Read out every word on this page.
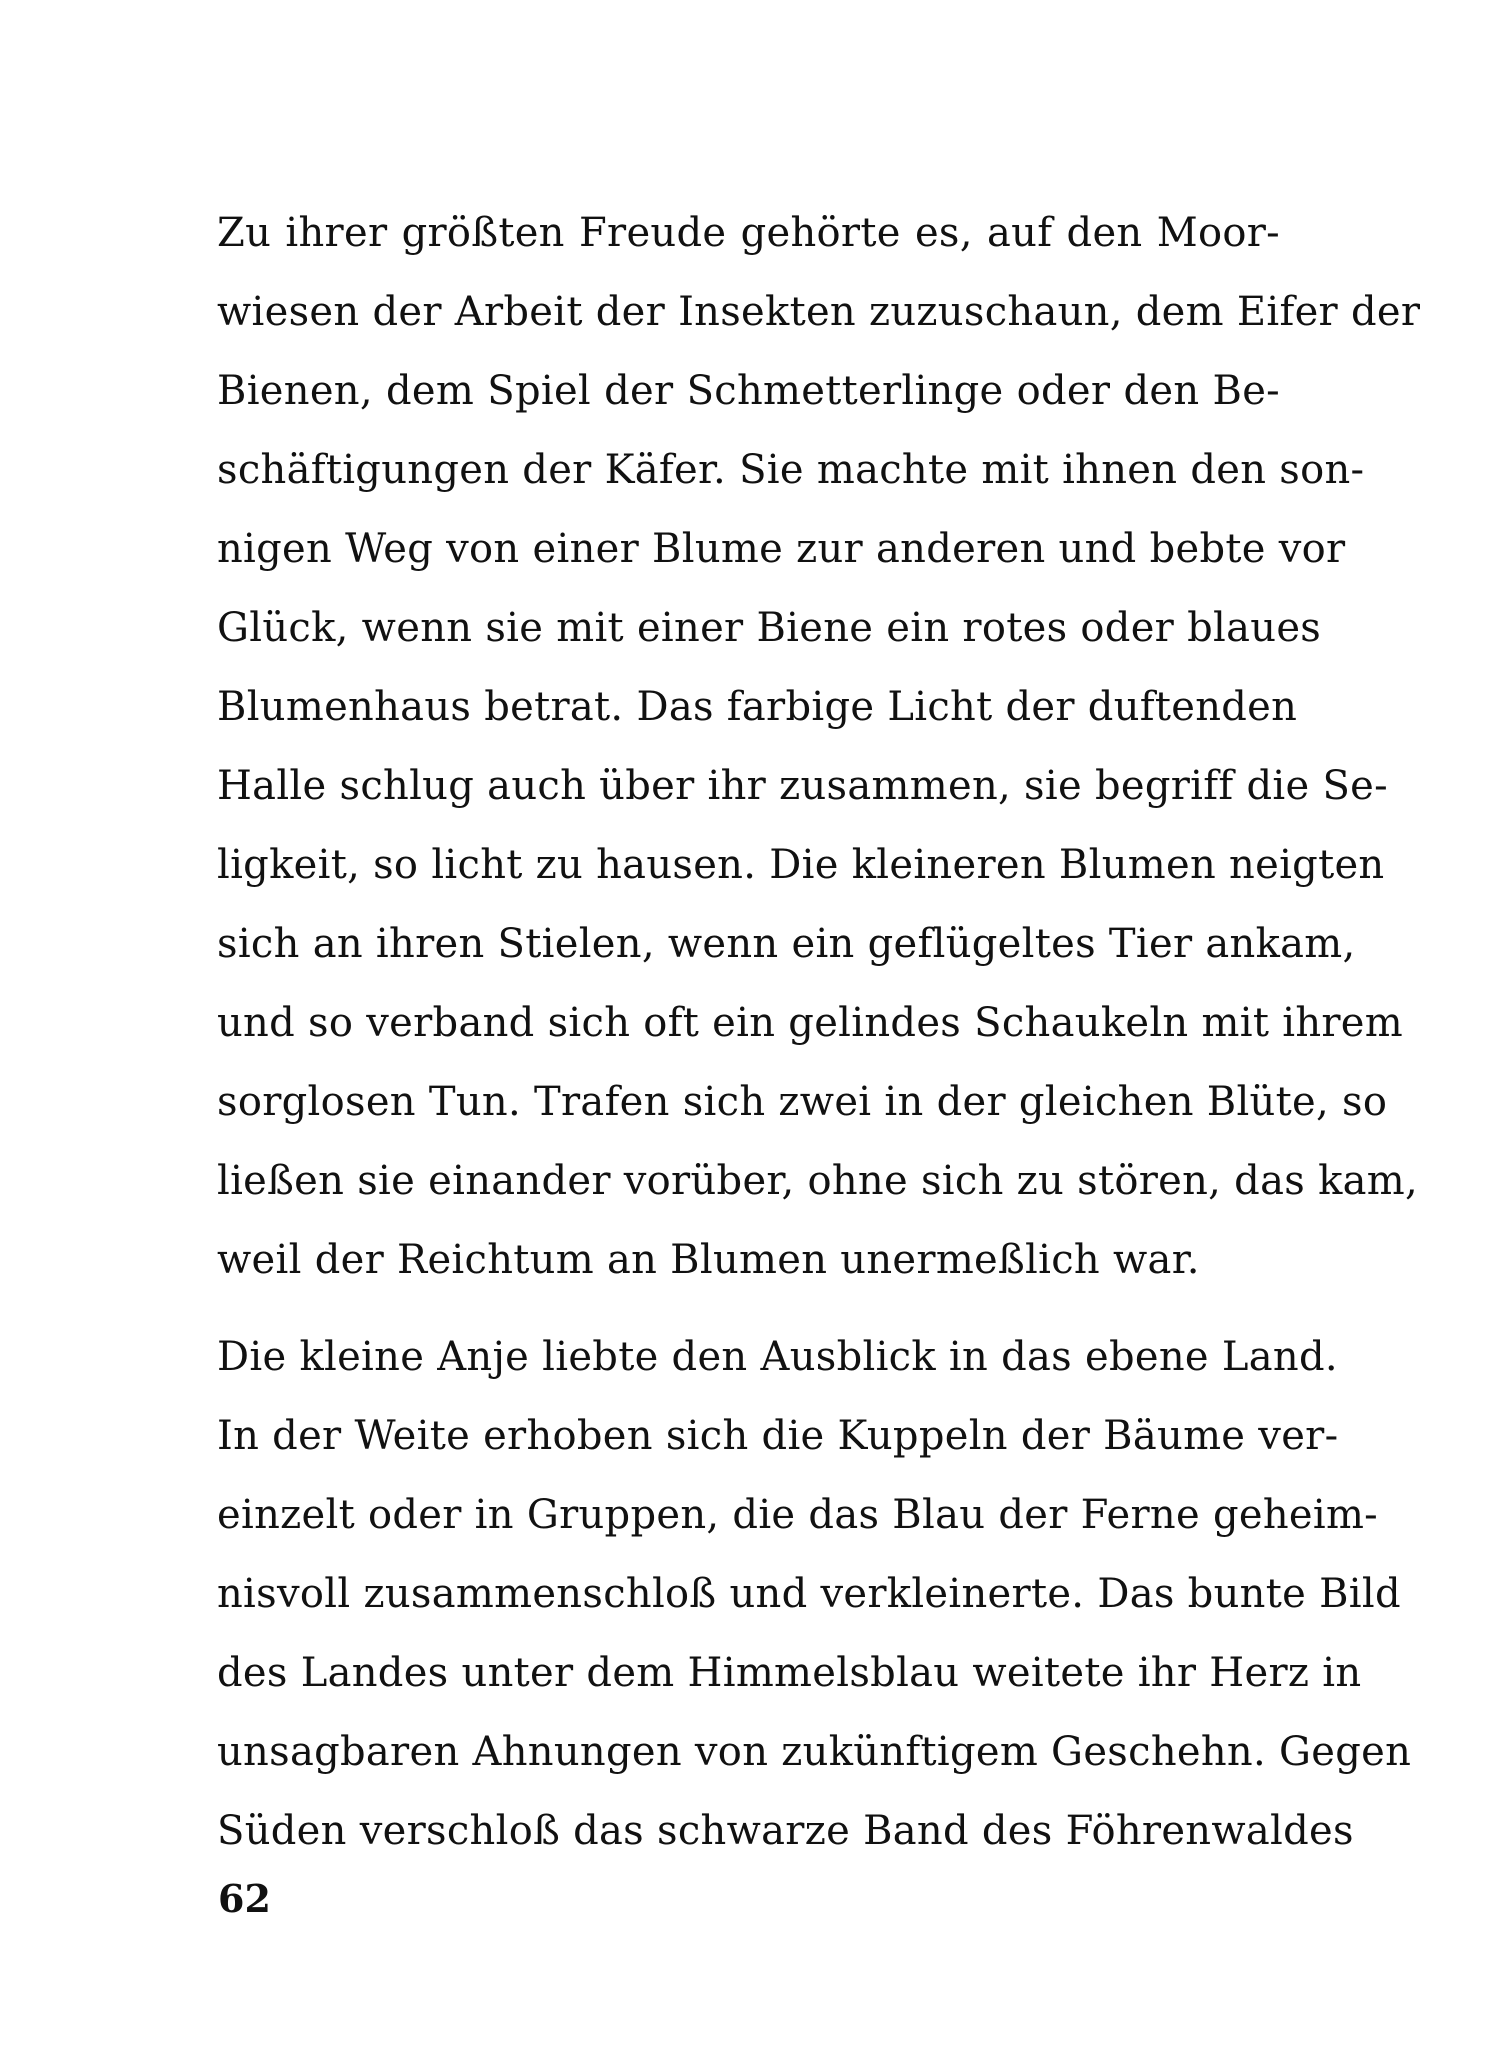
Zu ihrer größten Freude gehörte es, auf den Moor-
wiesen der Arbeit der Insekten zuzuschaun, dem Eifer der
Bienen, dem Spiel der Schmetterlinge oder den Be-
schäftigungen der Käfer. Sie machte mit ihnen den son-
nigen Weg von einer Blume zur anderen und bebte vor
Glück, wenn sie mit einer Biene ein rotes oder blaues
Blumenhaus betrat. Das farbige Licht der duftenden
Halle schlug auch über ihr zusammen, sie begriff die Se-
ligkeit, so licht zu hausen. Die kleineren Blumen neigten
sich an ihren Stielen, wenn ein geflügeltes Tier ankam,
und so verband sich oft ein gelindes Schaukeln mit ihrem
sorglosen Tun. Trafen sich zwei in der gleichen Blüte, so
ließen sie einander vorüber, ohne sich zu stören, das kam,
weil der Reichtum an Blumen unermeßlich war.
Die kleine Anje liebte den Ausblick in das ebene Land.
In der Weite erhoben sich die Kuppeln der Bäume ver-
einzelt oder in Gruppen, die das Blau der Ferne geheim-
nisvoll zusammenschloß und verkleinerte. Das bunte Bild
des Landes unter dem Himmelsblau weitete ihr Herz in
unsagbaren Ahnungen von zukünftigem Geschehn. Gegen
Süden verschloß das schwarze Band des Föhrenwaldes
62
